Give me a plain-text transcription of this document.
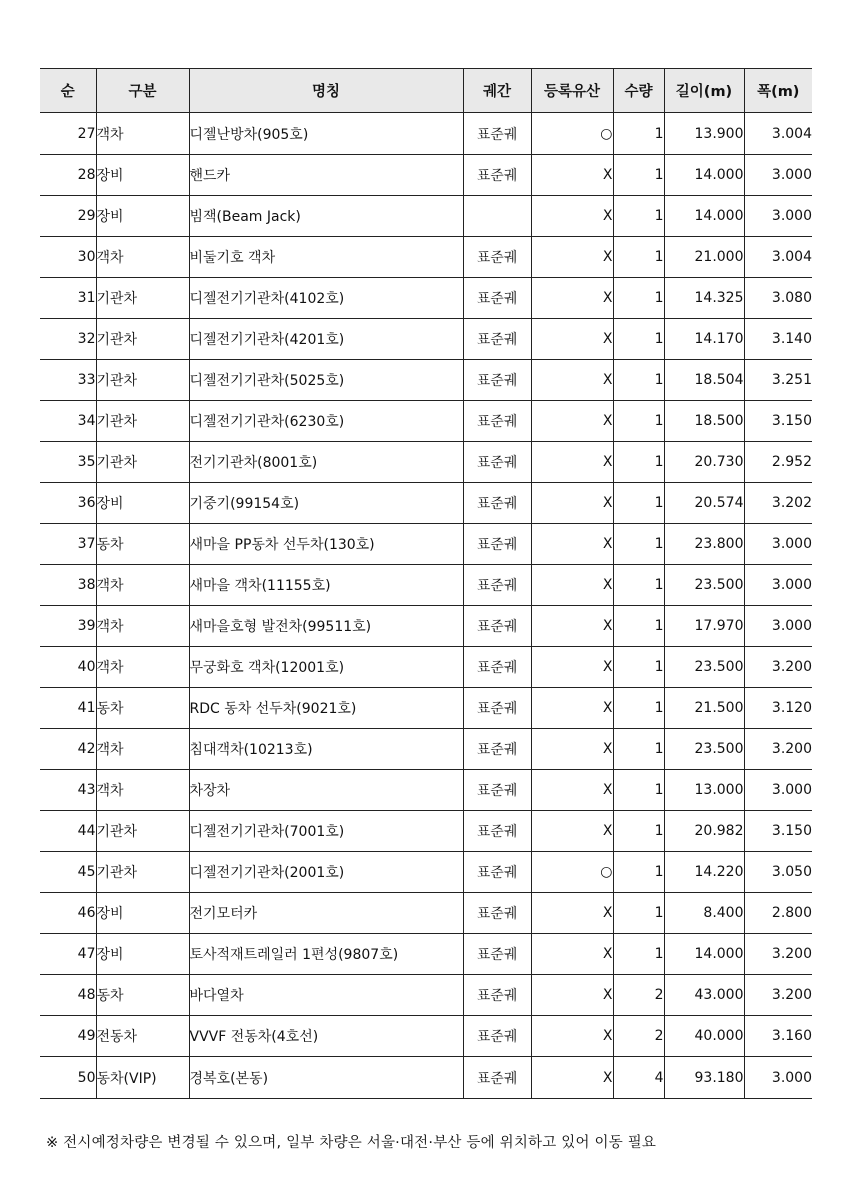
순	구분	명칭	궤간	등록유산	수량	길이(m)	폭(m)
27	객차	디젤난방차(905호)	표준궤	○	1	13.900	3.004
28	장비	핸드카	표준궤	X	1	14.000	3.000
29	장비	빔잭(Beam Jack)		X	1	14.000	3.000
30	객차	비둘기호 객차	표준궤	X	1	21.000	3.004
31	기관차	디젤전기기관차(4102호)	표준궤	X	1	14.325	3.080
32	기관차	디젤전기기관차(4201호)	표준궤	X	1	14.170	3.140
33	기관차	디젤전기기관차(5025호)	표준궤	X	1	18.504	3.251
34	기관차	디젤전기기관차(6230호)	표준궤	X	1	18.500	3.150
35	기관차	전기기관차(8001호)	표준궤	X	1	20.730	2.952
36	장비	기중기(99154호)	표준궤	X	1	20.574	3.202
37	동차	새마을 PP동차 선두차(130호)	표준궤	X	1	23.800	3.000
38	객차	새마을 객차(11155호)	표준궤	X	1	23.500	3.000
39	객차	새마을호형 발전차(99511호)	표준궤	X	1	17.970	3.000
40	객차	무궁화호 객차(12001호)	표준궤	X	1	23.500	3.200
41	동차	RDC 동차 선두차(9021호)	표준궤	X	1	21.500	3.120
42	객차	침대객차(10213호)	표준궤	X	1	23.500	3.200
43	객차	차장차	표준궤	X	1	13.000	3.000
44	기관차	디젤전기기관차(7001호)	표준궤	X	1	20.982	3.150
45	기관차	디젤전기기관차(2001호)	표준궤	○	1	14.220	3.050
46	장비	전기모터카	표준궤	X	1	8.400	2.800
47	장비	토사적재트레일러 1편성(9807호)	표준궤	X	1	14.000	3.200
48	동차	바다열차	표준궤	X	2	43.000	3.200
49	전동차	VVVF 전동차(4호선)	표준궤	X	2	40.000	3.160
50	동차(VIP)	경복호(본동)	표준궤	X	4	93.180	3.000
※ 전시예정차량은 변경될 수 있으며, 일부 차량은 서울·대전·부산 등에 위치하고 있어 이동 필요
